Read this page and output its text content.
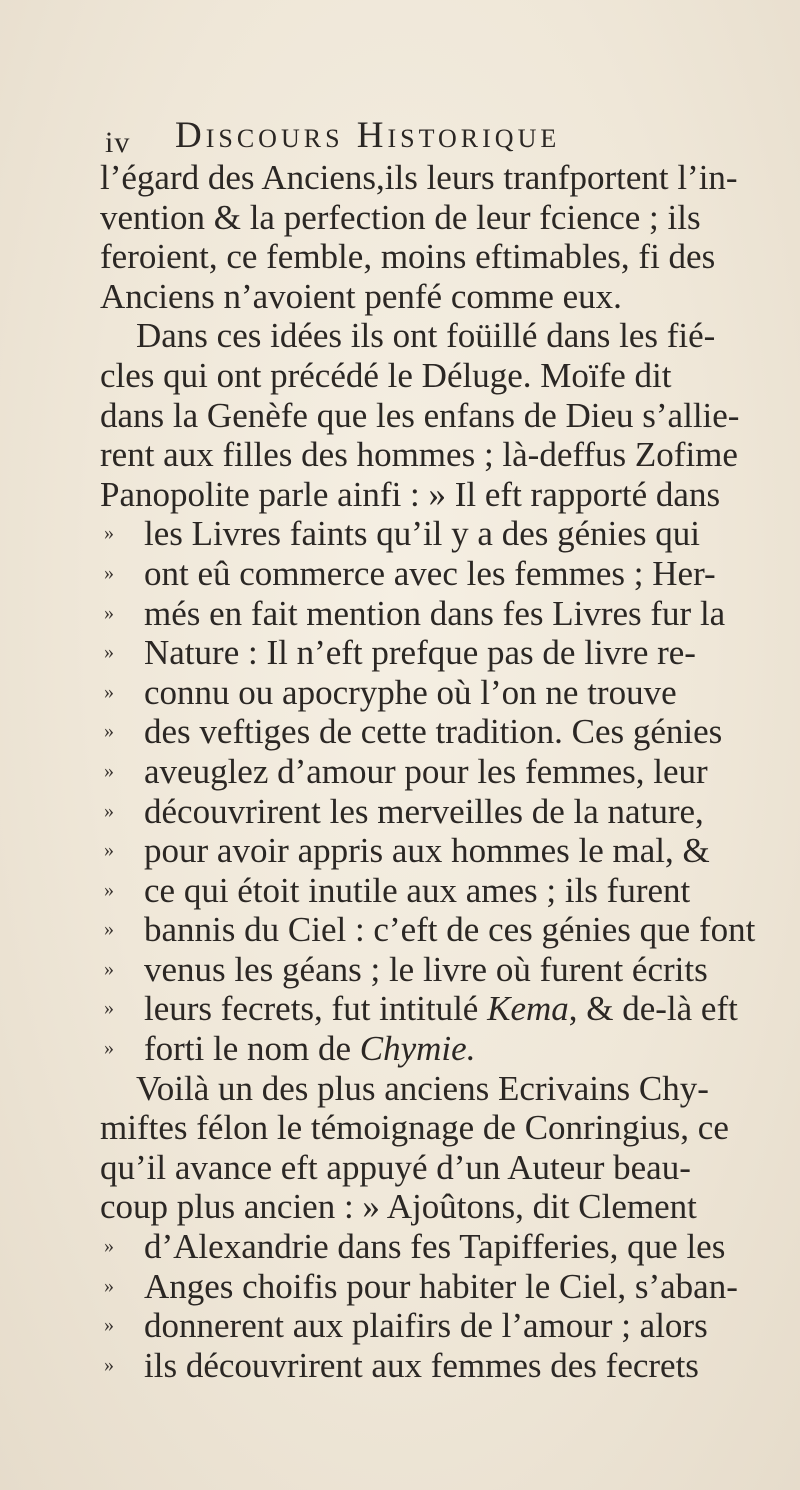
iv Discours Historique
l’égard des Anciens,ils leurs tranfportent l’in-
vention & la perfection de leur fcience ; ils
feroient, ce femble, moins eftimables, fi des
Anciens n’avoient penfé comme eux.
Dans ces idées ils ont foüillé dans les fié-
cles qui ont précédé le Déluge. Moïfe dit
dans la Genèfe que les enfans de Dieu s’allie-
rent aux filles des hommes ; là-deffus Zofime
Panopolite parle ainfi : » Il eft rapporté dans
» les Livres faints qu’il y a des génies qui
» ont eû commerce avec les femmes ; Her-
» més en fait mention dans fes Livres fur la
» Nature : Il n’eft prefque pas de livre re-
» connu ou apocryphe où l’on ne trouve
» des veftiges de cette tradition. Ces génies
» aveuglez d’amour pour les femmes, leur
» découvrirent les merveilles de la nature,
» pour avoir appris aux hommes le mal, &
» ce qui étoit inutile aux ames ; ils furent
» bannis du Ciel : c’eft de ces génies que font
» venus les géans ; le livre où furent écrits
» leurs fecrets, fut intitulé Kema, & de-là eft
» forti le nom de Chymie.
Voilà un des plus anciens Ecrivains Chy-
miftes félon le témoignage de Conringius, ce
qu’il avance eft appuyé d’un Auteur beau-
coup plus ancien : » Ajoûtons, dit Clement
» d’Alexandrie dans fes Tapifferies, que les
» Anges choifis pour habiter le Ciel, s’aban-
» donnerent aux plaifirs de l’amour ; alors
» ils découvrirent aux femmes des fecrets
